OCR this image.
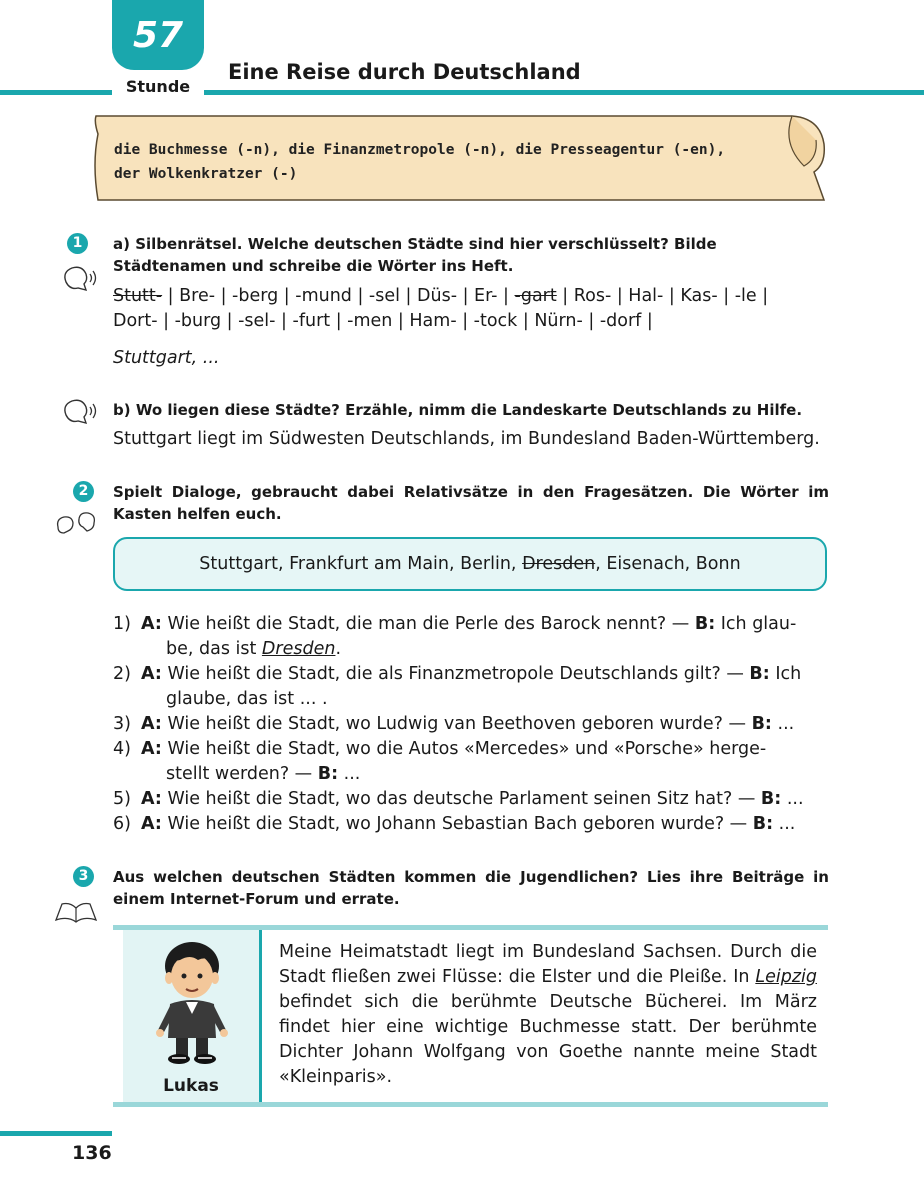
57
Stunde
Eine Reise durch Deutschland
die Buchmesse (-n), die Finanzmetropole (-n), die Presseagentur (-en),
der Wolkenkratzer (-)
1	a) Silbenrätsel. Welche deutschen Städte sind hier verschlüsselt? Bilde Städtenamen und schreibe die Wörter ins Heft.
Stutt- | Bre- | -berg | -mund | -sel | Düs- | Er- | -gart | Ros- | Hal- | Kas- | -le |
Dort- | -burg | -sel- | -furt | -men | Ham- | -tock | Nürn- | -dorf |
Stuttgart, ...
b) Wo liegen diese Städte? Erzähle, nimm die Landeskarte Deutschlands zu Hilfe.
Stuttgart liegt im Südwesten Deutschlands, im Bundesland Baden-Württemberg.
2	Spielt Dialoge, gebraucht dabei Relativsätze in den Fragesätzen. Die Wörter im Kasten helfen euch.
Stuttgart, Frankfurt am Main, Berlin, Dresden, Eisenach, Bonn
1) A: Wie heißt die Stadt, die man die Perle des Barock nennt? — B: Ich glau-
be, das ist Dresden.
2) A: Wie heißt die Stadt, die als Finanzmetropole Deutschlands gilt? — B: Ich
glaube, das ist ... .
3) A: Wie heißt die Stadt, wo Ludwig van Beethoven geboren wurde? — B: ...
4) A: Wie heißt die Stadt, wo die Autos «Mercedes» und «Porsche» herge-
stellt werden? — B: ...
5) A: Wie heißt die Stadt, wo das deutsche Parlament seinen Sitz hat? — B: ...
6) A: Wie heißt die Stadt, wo Johann Sebastian Bach geboren wurde? — B: ...
3	Aus welchen deutschen Städten kommen die Jugendlichen? Lies ihre Beiträge in einem Internet-Forum und errate.
Lukas
Meine Heimatstadt liegt im Bundesland Sachsen. Durch die Stadt fließen zwei Flüsse: die Elster und die Pleiße. In Leipzig befindet sich die berühmte Deutsche Bücherei. Im März findet hier eine wichtige Buchmesse statt. Der berühmte Dichter Johann Wolfgang von Goethe nannte meine Stadt «Kleinparis».
136
